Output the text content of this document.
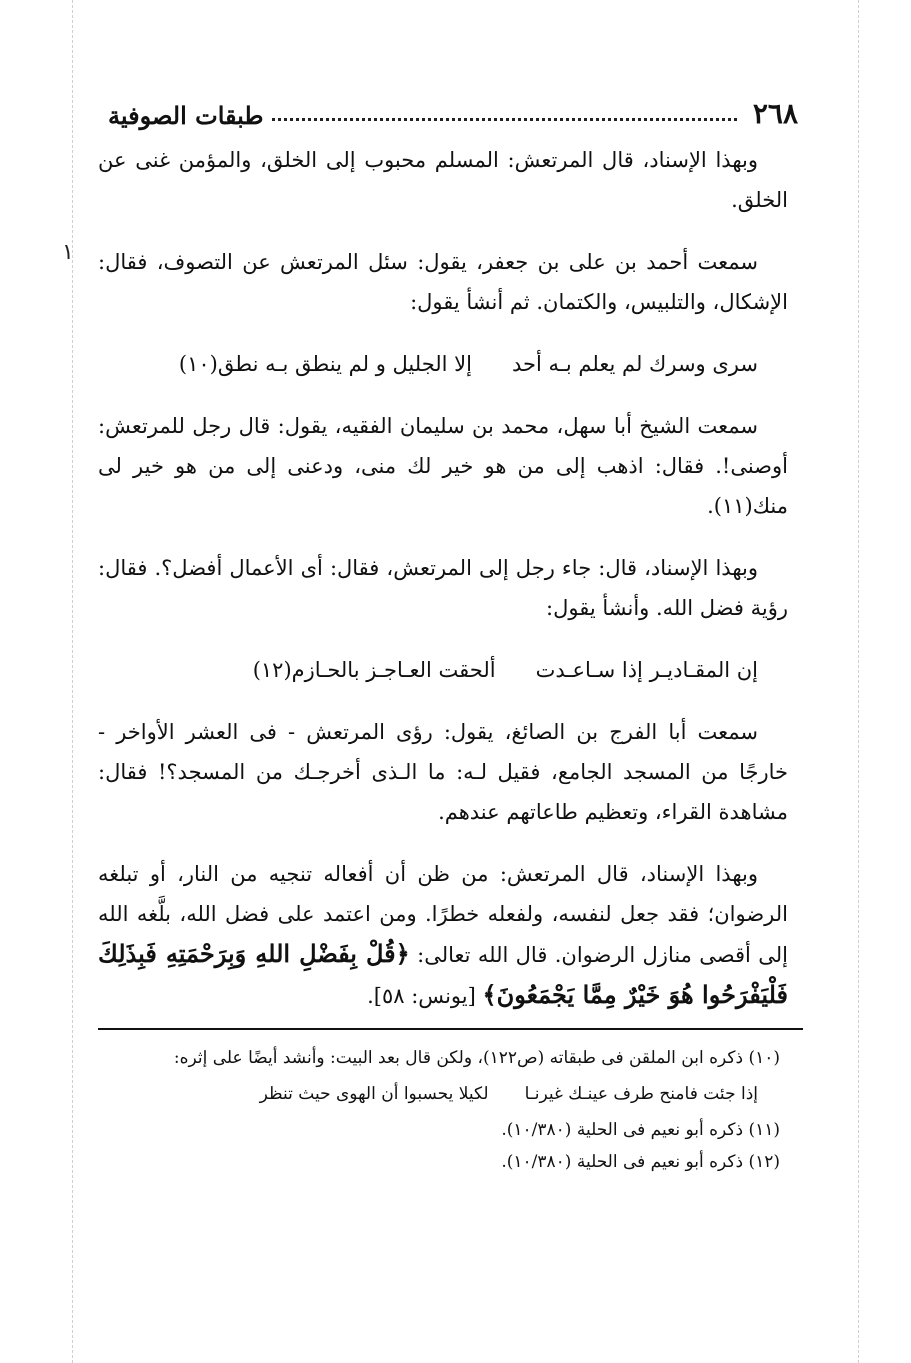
١
٢٦٨
طبقات الصوفية

وبهذا الإسناد، قال المرتعش: المسلم محبوب إلى الخلق، والمؤمن غنى عن الخلق.

سمعت أحمد بن على بن جعفر، يقول: سئل المرتعش عن التصوف، فقال: الإشكال، والتلبيس، والكتمان. ثم أنشأ يقول:

سرى وسرك لم يعلم بـه أحد
إلا الجليل و لم ينطق بـه نطق(١٠)

سمعت الشيخ أبا سهل، محمد بن سليمان الفقيه، يقول: قال رجل للمرتعش: أوصنى!. فقال: اذهب إلى من هو خير لك منى، ودعنى إلى من هو خير لى منك(١١).

وبهذا الإسناد، قال: جاء رجل إلى المرتعش، فقال: أى الأعمال أفضل؟. فقال: رؤية فضل الله. وأنشأ يقول:

إن المقـاديـر إذا سـاعـدت
ألحقت العـاجـز بالحـازم(١٢)

سمعت أبا الفرج بن الصائغ، يقول: رؤى المرتعش - فى العشر الأواخر - خارجًا من المسجد الجامع، فقيل لـه: ما الـذى أخرجـك من المسجد؟! فقال: مشاهدة القراء، وتعظيم طاعاتهم عندهم.

وبهذا الإسناد، قال المرتعش: من ظن أن أفعاله تنجيه من النار، أو تبلغه الرضوان؛ فقد جعل لنفسه، ولفعله خطرًا. ومن اعتمد على فضل الله، بلَّغه الله إلى أقصى منازل الرضوان. قال الله تعالى: ﴿قُلْ بِفَضْلِ اللهِ وَبِرَحْمَتِهِ فَبِذَلِكَ فَلْيَفْرَحُوا هُوَ خَيْرٌ مِمَّا يَجْمَعُونَ﴾ [يونس: ٥٨].

(١٠) ذكره ابن الملقن فى طبقاته (ص١٢٢)، ولكن قال بعد البيت: وأنشد أيضًا على إثره:

إذا جئت فامنح طرف عينـك غيرنـا
لكيلا يحسبوا أن الهوى حيث تنظر

(١١) ذكره أبو نعيم فى الحلية (١٠/٣٨٠).

(١٢) ذكره أبو نعيم فى الحلية (١٠/٣٨٠).
